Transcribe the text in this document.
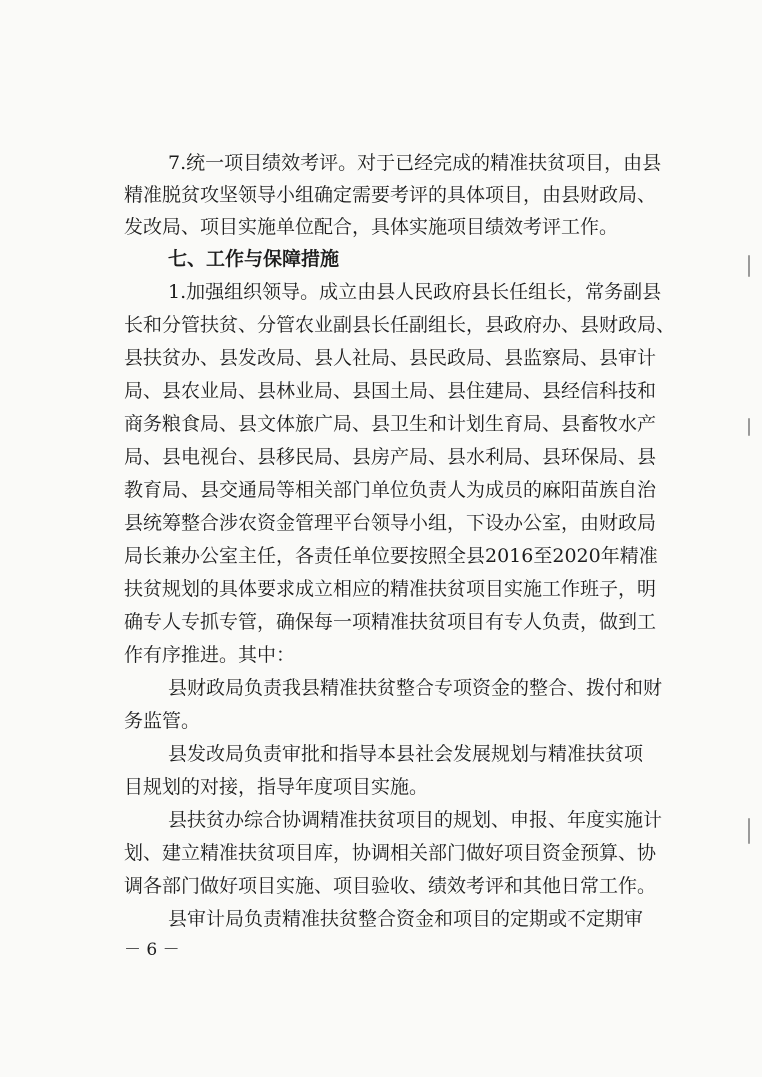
7.统一项目绩效考评。对于已经完成的精准扶贫项目，由县
精准脱贫攻坚领导小组确定需要考评的具体项目，由县财政局、
发改局、项目实施单位配合，具体实施项目绩效考评工作。
七、工作与保障措施
1.加强组织领导。成立由县人民政府县长任组长，常务副县
长和分管扶贫、分管农业副县长任副组长，县政府办、县财政局、
县扶贫办、县发改局、县人社局、县民政局、县监察局、县审计
局、县农业局、县林业局、县国土局、县住建局、县经信科技和
商务粮食局、县文体旅广局、县卫生和计划生育局、县畜牧水产
局、县电视台、县移民局、县房产局、县水利局、县环保局、县
教育局、县交通局等相关部门单位负责人为成员的麻阳苗族自治
县统筹整合涉农资金管理平台领导小组，下设办公室，由财政局
局长兼办公室主任，各责任单位要按照全县2016至2020年精准
扶贫规划的具体要求成立相应的精准扶贫项目实施工作班子，明
确专人专抓专管，确保每一项精准扶贫项目有专人负责，做到工
作有序推进。其中：
县财政局负责我县精准扶贫整合专项资金的整合、拨付和财
务监管。
县发改局负责审批和指导本县社会发展规划与精准扶贫项
目规划的对接，指导年度项目实施。
县扶贫办综合协调精准扶贫项目的规划、申报、年度实施计
划、建立精准扶贫项目库，协调相关部门做好项目资金预算、协
调各部门做好项目实施、项目验收、绩效考评和其他日常工作。
县审计局负责精准扶贫整合资金和项目的定期或不定期审
－ 6 －
